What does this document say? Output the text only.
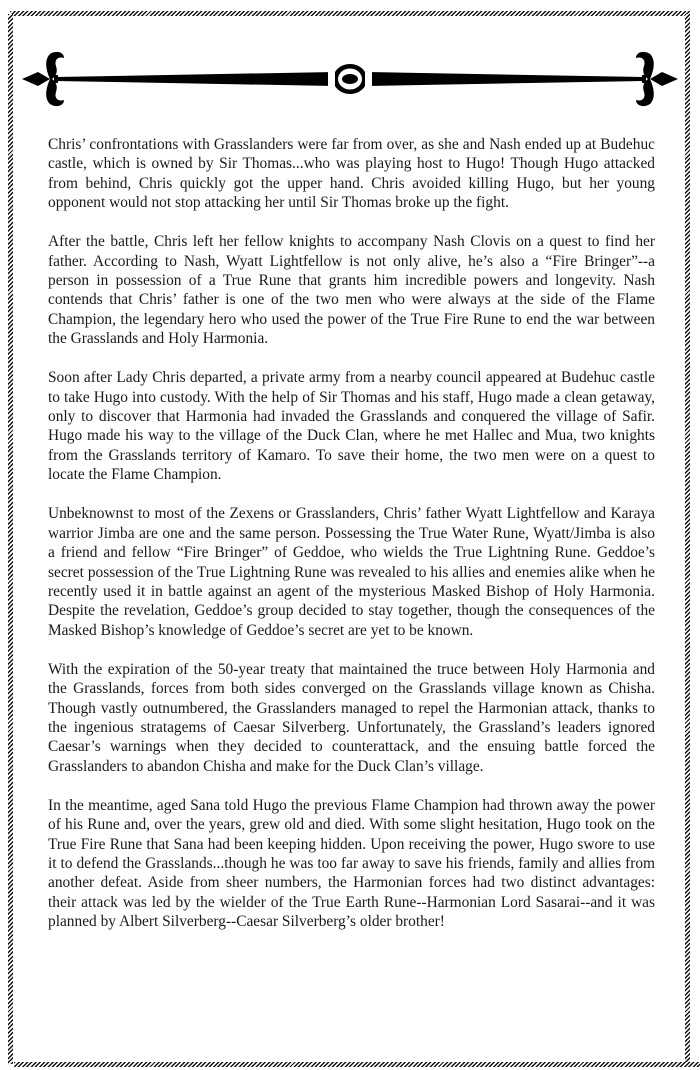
Chris’ confrontations with Grasslanders were far from over, as she and Nash ended up at Budehuc castle, which is owned by Sir Thomas...who was playing host to Hugo! Though Hugo attacked from behind, Chris quickly got the upper hand. Chris avoided killing Hugo, but her young opponent would not stop attacking her until Sir Thomas broke up the fight.

After the battle, Chris left her fellow knights to accompany Nash Clovis on a quest to find her father. According to Nash, Wyatt Lightfellow is not only alive, he’s also a “Fire Bringer”--a person in possession of a True Rune that grants him incredible powers and longevity. Nash contends that Chris’ father is one of the two men who were always at the side of the Flame Champion, the legendary hero who used the power of the True Fire Rune to end the war between the Grasslands and Holy Harmonia.

Soon after Lady Chris departed, a private army from a nearby council appeared at Budehuc castle to take Hugo into custody. With the help of Sir Thomas and his staff, Hugo made a clean getaway, only to discover that Harmonia had invaded the Grasslands and conquered the village of Safir. Hugo made his way to the village of the Duck Clan, where he met Hallec and Mua, two knights from the Grasslands territory of Kamaro. To save their home, the two men were on a quest to locate the Flame Champion.

Unbeknownst to most of the Zexens or Grasslanders, Chris’ father Wyatt Lightfellow and Karaya warrior Jimba are one and the same person. Possessing the True Water Rune, Wyatt/Jimba is also a friend and fellow “Fire Bringer” of Geddoe, who wields the True Lightning Rune. Geddoe’s secret possession of the True Lightning Rune was revealed to his allies and enemies alike when he recently used it in battle against an agent of the mysterious Masked Bishop of Holy Harmonia. Despite the revelation, Geddoe’s group decided to stay together, though the consequences of the Masked Bishop’s knowledge of Geddoe’s secret are yet to be known.

With the expiration of the 50-year treaty that maintained the truce between Holy Harmonia and the Grasslands, forces from both sides converged on the Grasslands village known as Chisha. Though vastly outnumbered, the Grasslanders managed to repel the Harmonian attack, thanks to the ingenious stratagems of Caesar Silverberg. Unfortunately, the Grassland’s leaders ignored Caesar’s warnings when they decided to counterattack, and the ensuing battle forced the Grasslanders to abandon Chisha and make for the Duck Clan’s village.

In the meantime, aged Sana told Hugo the previous Flame Champion had thrown away the power of his Rune and, over the years, grew old and died. With some slight hesitation, Hugo took on the True Fire Rune that Sana had been keeping hidden. Upon receiving the power, Hugo swore to use it to defend the Grasslands...though he was too far away to save his friends, family and allies from another defeat. Aside from sheer numbers, the Harmonian forces had two distinct advantages: their attack was led by the wielder of the True Earth Rune--Harmonian Lord Sasarai--and it was planned by Albert Silverberg--Caesar Silverberg’s older brother!
